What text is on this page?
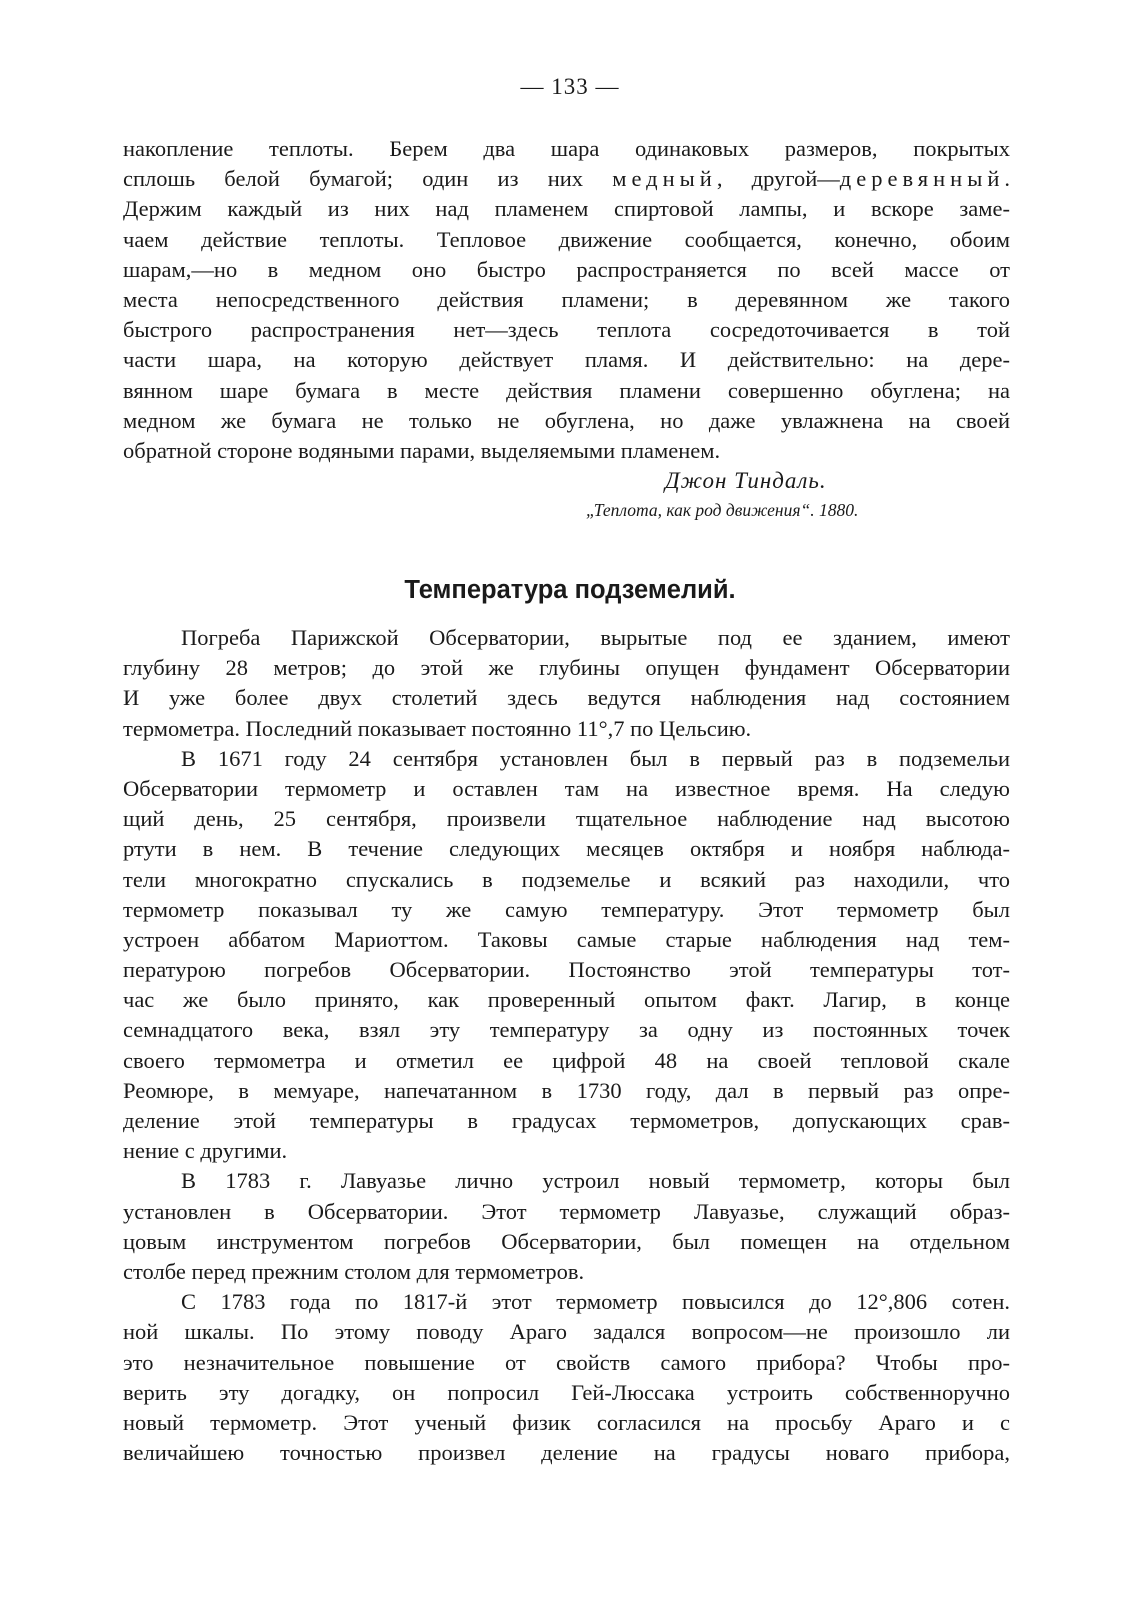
— 133 —
накопление теплоты. Берем два шара одинаковых размеров, покрытых
сплошь белой бумагой; один из них медный, другой—деревянный.
Держим каждый из них над пламенем спиртовой лампы, и вскоре заме-
чаем действие теплоты. Тепловое движение сообщается, конечно, обоим
шарам,—но в медном оно быстро распространяется по всей массе от
места непосредственного действия пламени; в деревянном же такого
быстрого распространения нет—здесь теплота сосредоточивается в той
части шара, на которую действует пламя. И действительно: на дере-
вянном шаре бумага в месте действия пламени совершенно обуглена; на
медном же бумага не только не обуглена, но даже увлажнена на своей
обратной стороне водяными парами, выделяемыми пламенем.
Джон Тиндаль.
„Теплота, как род движения“. 1880.
Температура подземелий.
Погреба Парижской Обсерватории, вырытые под ее зданием, имеют
глубину 28 метров; до этой же глубины опущен фундамент Обсерватории
И уже более двух столетий здесь ведутся наблюдения над состоянием
термометра. Последний показывает постоянно 11°,7 по Цельсию.
В 1671 году 24 сентября установлен был в первый раз в подземельи
Обсерватории термометр и оставлен там на известное время. На следую
щий день, 25 сентября, произвели тщательное наблюдение над высотою
ртути в нем. В течение следующих месяцев октября и ноября наблюда-
тели многократно спускались в подземелье и всякий раз находили, что
термометр показывал ту же самую температуру. Этот термометр был
устроен аббатом Мариоттом. Таковы самые старые наблюдения над тем-
пературою погребов Обсерватории. Постоянство этой температуры тот-
час же было принято, как проверенный опытом факт. Лагир, в конце
семнадцатого века, взял эту температуру за одну из постоянных точек
своего термометра и отметил ее цифрой 48 на своей тепловой скале
Реомюре, в мемуаре, напечатанном в 1730 году, дал в первый раз опре-
деление этой температуры в градусах термометров, допускающих срав-
нение с другими.
В 1783 г. Лавуазье лично устроил новый термометр, которы был
установлен в Обсерватории. Этот термометр Лавуазье, служащий образ-
цовым инструментом погребов Обсерватории, был помещен на отдельном
столбе перед прежним столом для термометров.
С 1783 года по 1817-й этот термометр повысился до 12°,806 сотен.
ной шкалы. По этому поводу Араго задался вопросом—не произошло ли
это незначительное повышение от свойств самого прибора? Чтобы про-
верить эту догадку, он попросил Гей-Люссака устроить собственноручно
новый термометр. Этот ученый физик согласился на просьбу Араго и с
величайшею точностью произвел деление на градусы новаго прибора,
